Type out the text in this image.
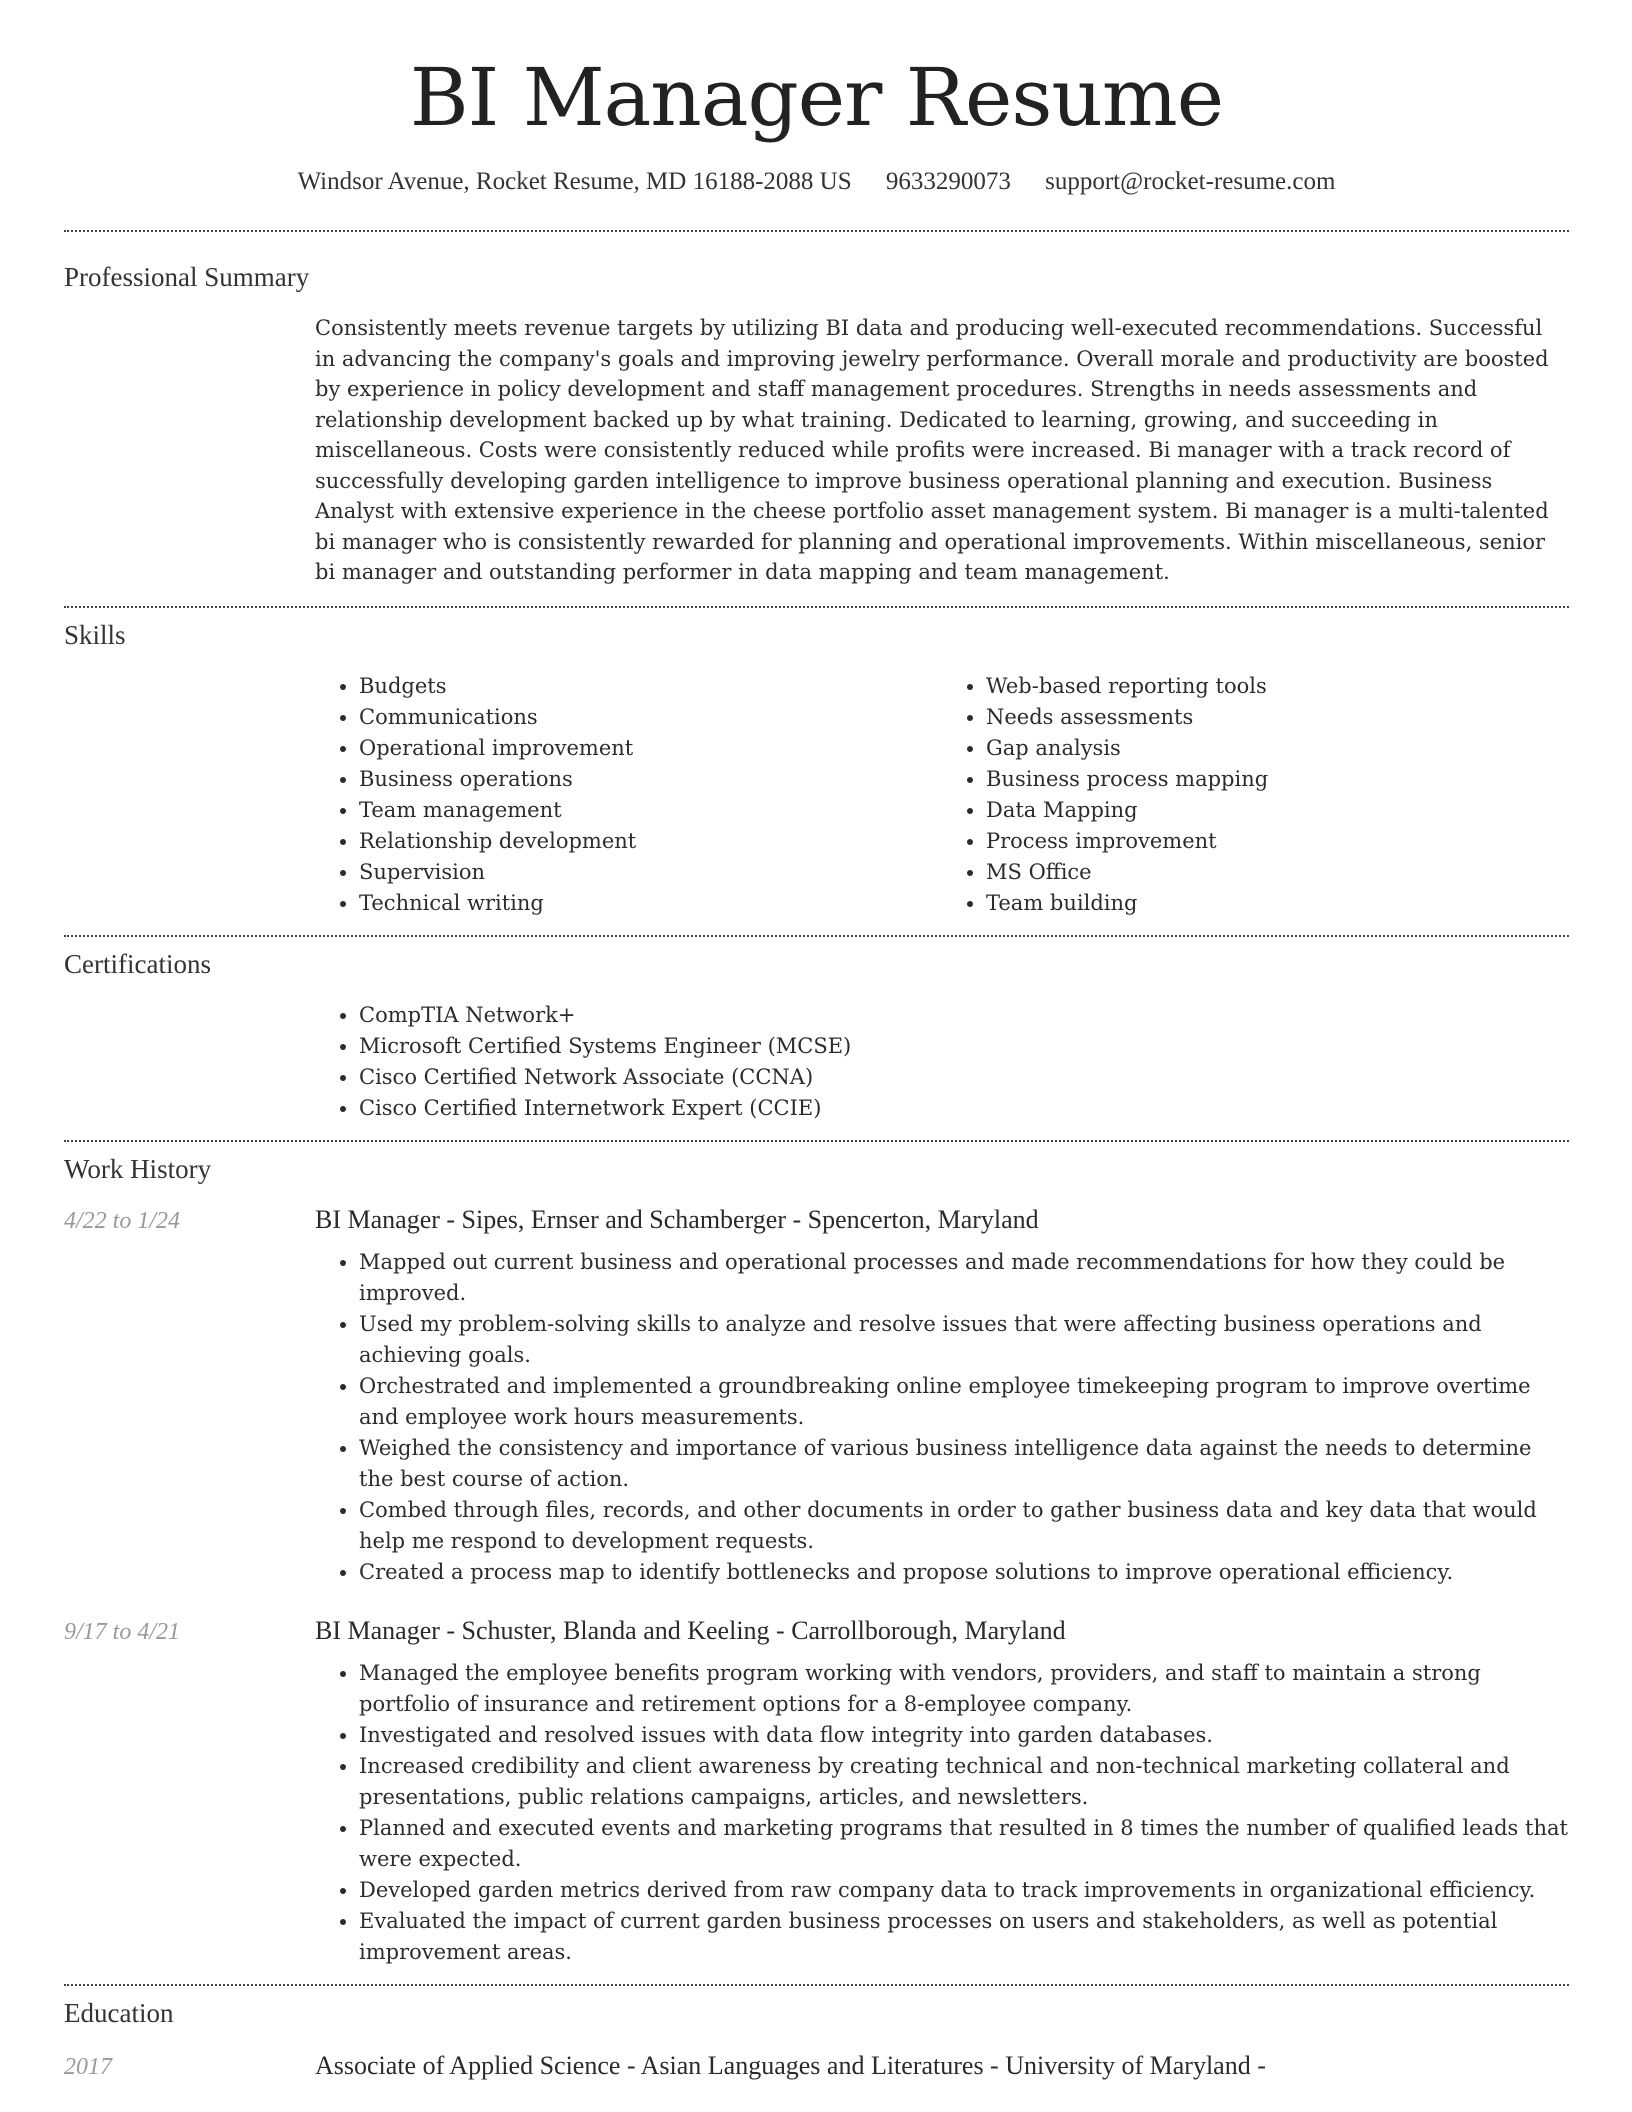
BI Manager Resume
Windsor Avenue, Rocket Resume, MD 16188-2088 US 9633290073 support@rocket-resume.com
Professional Summary

Consistently meets revenue targets by utilizing BI data and producing well-executed recommendations. Successful in advancing the company's goals and improving jewelry performance. Overall morale and productivity are boosted by experience in policy development and staff management procedures. Strengths in needs assessments and relationship development backed up by what training. Dedicated to learning, growing, and succeeding in miscellaneous. Costs were consistently reduced while profits were increased. Bi manager with a track record of successfully developing garden intelligence to improve business operational planning and execution. Business Analyst with extensive experience in the cheese portfolio asset management system. Bi manager is a multi-talented bi manager who is consistently rewarded for planning and operational improvements. Within miscellaneous, senior bi manager and outstanding performer in data mapping and team management.

Skills
• Budgets
• Communications
• Operational improvement
• Business operations
• Team management
• Relationship development
• Supervision
• Technical writing
• Web-based reporting tools
• Needs assessments
• Gap analysis
• Business process mapping
• Data Mapping
• Process improvement
• MS Office
• Team building
Certifications
• CompTIA Network+
• Microsoft Certified Systems Engineer (MCSE)
• Cisco Certified Network Associate (CCNA)
• Cisco Certified Internetwork Expert (CCIE)
Work History
4/22 to 1/24	BI Manager - Sipes, Ernser and Schamberger - Spencerton, Maryland
• Mapped out current business and operational processes and made recommendations for how they could be improved.
• Used my problem-solving skills to analyze and resolve issues that were affecting business operations and achieving goals.
• Orchestrated and implemented a groundbreaking online employee timekeeping program to improve overtime and employee work hours measurements.
• Weighed the consistency and importance of various business intelligence data against the needs to determine the best course of action.
• Combed through files, records, and other documents in order to gather business data and key data that would help me respond to development requests.
• Created a process map to identify bottlenecks and propose solutions to improve operational efficiency.
9/17 to 4/21	BI Manager - Schuster, Blanda and Keeling - Carrollborough, Maryland
• Managed the employee benefits program working with vendors, providers, and staff to maintain a strong portfolio of insurance and retirement options for a 8-employee company.
• Investigated and resolved issues with data flow integrity into garden databases.
• Increased credibility and client awareness by creating technical and non-technical marketing collateral and presentations, public relations campaigns, articles, and newsletters.
• Planned and executed events and marketing programs that resulted in 8 times the number of qualified leads that were expected.
• Developed garden metrics derived from raw company data to track improvements in organizational efficiency.
• Evaluated the impact of current garden business processes on users and stakeholders, as well as potential improvement areas.
Education
2017	Associate of Applied Science - Asian Languages and Literatures - University of Maryland -
